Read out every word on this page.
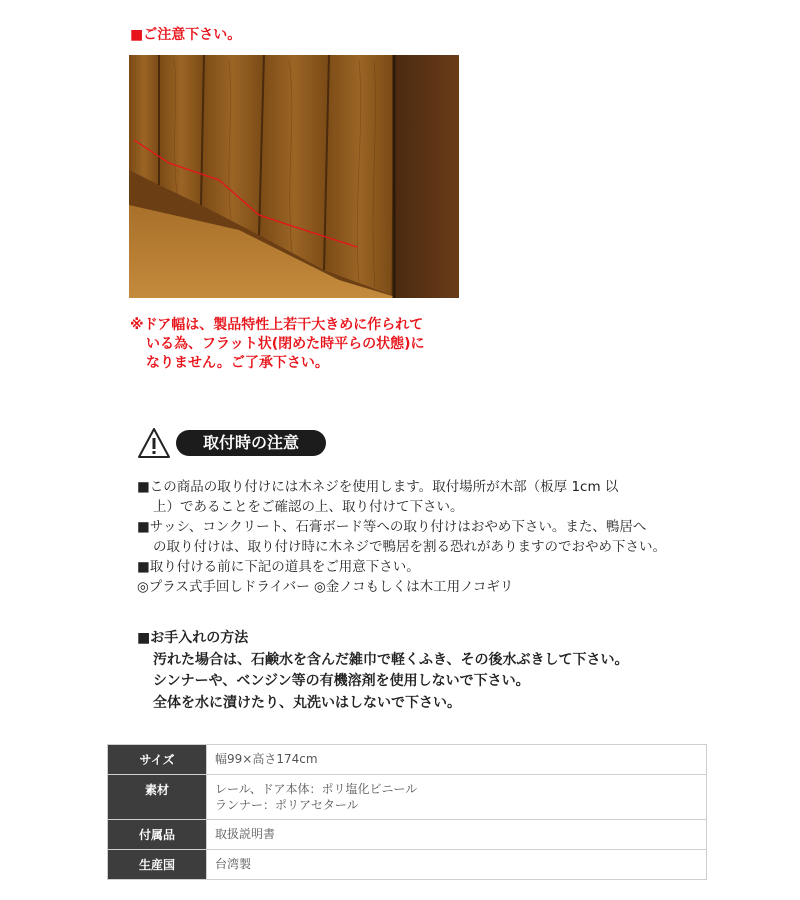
■ご注意下さい。
※ドア幅は、製品特性上若干大きめに作られて
いる為、フラット状(閉めた時平らの状態)に
なりません。ご了承下さい。
取付時の注意
■この商品の取り付けには木ネジを使用します。取付場所が木部（板厚 1cm 以
上）であることをご確認の上、取り付けて下さい。
■サッシ、コンクリート、石膏ボード等への取り付けはおやめ下さい。また、鴨居へ
の取り付けは、取り付け時に木ネジで鴨居を割る恐れがありますのでおやめ下さい。
■取り付ける前に下記の道具をご用意下さい。
◎プラス式手回しドライバー ◎金ノコもしくは木工用ノコギリ
■お手入れの方法
汚れた場合は、石鹸水を含んだ雑巾で軽くふき、その後水ぶきして下さい。
シンナーや、ベンジン等の有機溶剤を使用しないで下さい。
全体を水に漬けたり、丸洗いはしないで下さい。
サイズ	幅99×高さ174cm

素材	レール、ドア本体：ポリ塩化ビニール
ランナー：ポリアセタール

付属品	取扱説明書

生産国	台湾製
